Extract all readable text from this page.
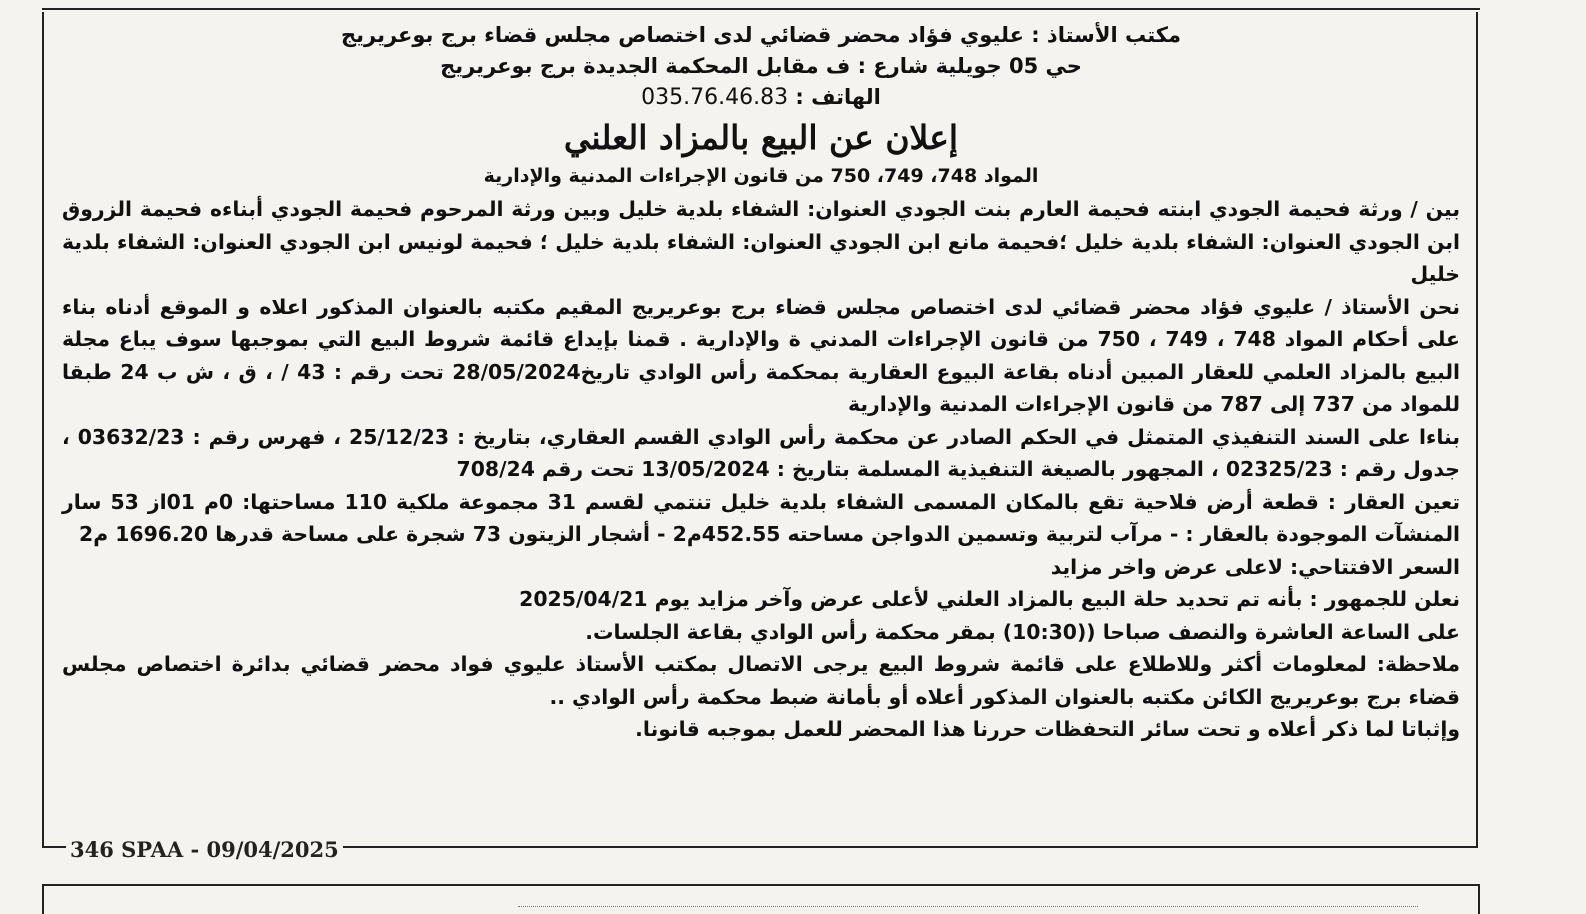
مكتب الأستاذ : عليوي فؤاد محضر قضائي لدى اختصاص مجلس قضاء برج بوعريريج
حي 05 جويلية شارع : ف مقابل المحكمة الجديدة برج بوعريريج
الهاتف : 035.76.46.83
إعلان عن البيع بالمزاد العلني
المواد 748، 749، 750 من قانون الإجراءات المدنية والإدارية

بين / ورثة فحيمة الجودي ابنته فحيمة العارم بنت الجودي العنوان: الشفاء بلدية خليل وبين ورثة المرحوم فحيمة الجودي أبناءه فحيمة الزروق ابن الجودي العنوان: الشفاء بلدية خليل ؛فحيمة مانع ابن الجودي العنوان: الشفاء بلدية خليل ؛ فحيمة لونيس ابن الجودي العنوان: الشفاء بلدية خليل

نحن الأستاذ / عليوي فؤاد محضر قضائي لدى اختصاص مجلس قضاء برج بوعريريج المقيم مكتبه بالعنوان المذكور اعلاه و الموقع أدناه بناء على أحكام المواد 748 ، 749 ، 750 من قانون الإجراءات المدني ة والإدارية . قمنا بإيداع قائمة شروط البيع التي بموجبها سوف يباع مجلة البيع بالمزاد العلمي للعقار المبين أدناه بقاعة البيوع العقارية بمحكمة رأس الوادي تاريخ28/05/2024 تحت رقم : 43 / ، ق ، ش ب 24 طبقا للمواد من 737 إلى 787 من قانون الإجراءات المدنية والإدارية

بناءا على السند التنفيذي المتمثل في الحكم الصادر عن محكمة رأس الوادي القسم العقاري، بتاريخ : 25/12/23 ، فهرس رقم : 03632/23 ، جدول رقم : 02325/23 ، المجهور بالصيغة التنفيذية المسلمة بتاريخ : 13/05/2024 تحت رقم 708/24

تعين العقار : قطعة أرض فلاحية تقع بالمكان المسمى الشفاء بلدية خليل تنتمي لقسم 31 مجموعة ملكية 110 مساحتها: 0م 01از 53 سار المنشآت الموجودة بالعقار : - مرآب لتربية وتسمين الدواجن مساحته 452.55م2 - أشجار الزيتون 73 شجرة على مساحة قدرها 1696.20 م2

السعر الافتتاحي: لاعلى عرض واخر مزايد

نعلن للجمهور : بأنه تم تحديد حلة البيع بالمزاد العلني لأعلى عرض وآخر مزايد يوم 2025/04/21

على الساعة العاشرة والنصف صباحا ((10:30) بمقر محكمة رأس الوادي بقاعة الجلسات.

ملاحظة: لمعلومات أكثر وللاطلاع على قائمة شروط البيع يرجى الاتصال بمكتب الأستاذ عليوي فواد محضر قضائي بدائرة اختصاص مجلس قضاء برج بوعريريج الكائن مكتبه بالعنوان المذكور أعلاه أو بأمانة ضبط محكمة رأس الوادي ..

وإثباتا لما ذكر أعلاه و تحت سائر التحفظات حررنا هذا المحضر للعمل بموجبه قانونا.

346 SPAA - 09/04/2025
